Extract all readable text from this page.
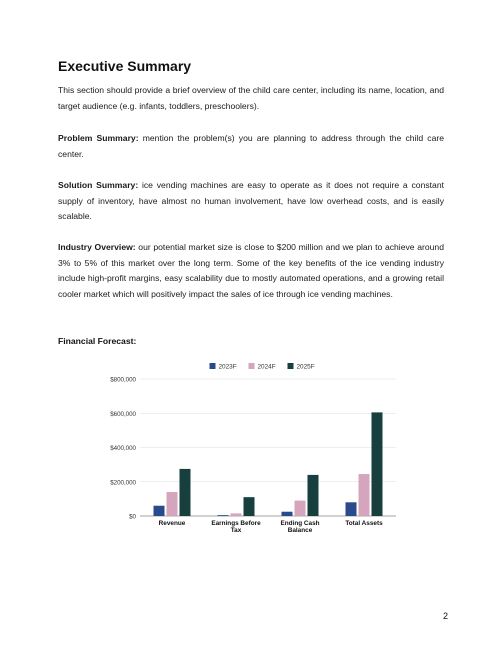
Executive Summary

This section should provide a brief overview of the child care center, including its name, location, and target audience (e.g. infants, toddlers, preschoolers).

Problem Summary: mention the problem(s) you are planning to address through the child care center.

Solution Summary: ice vending machines are easy to operate as it does not require a constant supply of inventory, have almost no human involvement, have low overhead costs, and is easily scalable.

Industry Overview: our potential market size is close to $200 million and we plan to achieve around 3% to 5% of this market over the long term. Some of the key benefits of the ice vending industry include high-profit margins, easy scalability due to mostly automated operations, and a growing retail cooler market which will positively impact the sales of ice through ice vending machines.

Financial Forecast:

$0
$200,000
$400,000
$600,000
$800,000
Revenue	Earnings Before Tax
Ending Cash Balance
Total Assets
2023F	2024F	2025F
2
